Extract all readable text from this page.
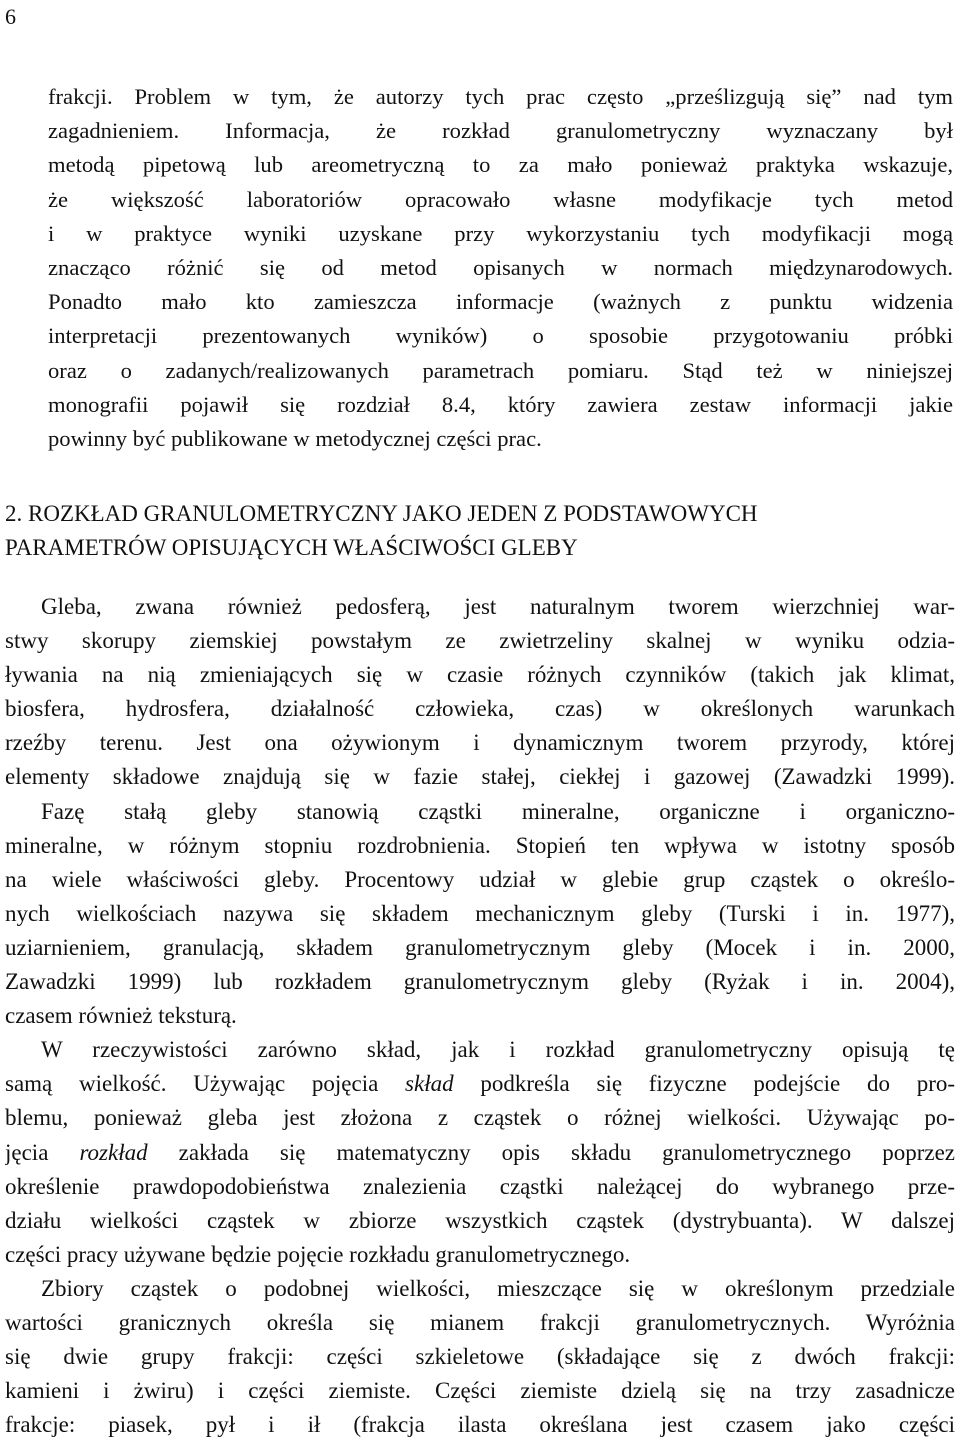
6
frakcji. Problem w tym, że autorzy tych prac często „prześlizgują się” nad tym
zagadnieniem. Informacja, że rozkład granulometryczny wyznaczany był
metodą pipetową lub areometryczną to za mało ponieważ praktyka wskazuje,
że większość laboratoriów opracowało własne modyfikacje tych metod
i w praktyce wyniki uzyskane przy wykorzystaniu tych modyfikacji mogą
znacząco różnić się od metod opisanych w normach międzynarodowych.
Ponadto mało kto zamieszcza informacje (ważnych z punktu widzenia
interpretacji prezentowanych wyników) o sposobie przygotowaniu próbki
oraz o zadanych/realizowanych parametrach pomiaru. Stąd też w niniejszej
monografii pojawił się rozdział 8.4, który zawiera zestaw informacji jakie
powinny być publikowane w metodycznej części prac.
2. ROZKŁAD GRANULOMETRYCZNY JAKO JEDEN Z PODSTAWOWYCH
PARAMETRÓW OPISUJĄCYCH WŁAŚCIWOŚCI GLEBY
Gleba, zwana również pedosferą, jest naturalnym tworem wierzchniej war-
stwy skorupy ziemskiej powstałym ze zwietrzeliny skalnej w wyniku odzia-
ływania na nią zmieniających się w czasie różnych czynników (takich jak klimat,
biosfera, hydrosfera, działalność człowieka, czas) w określonych warunkach
rzeźby terenu. Jest ona ożywionym i dynamicznym tworem przyrody, której
elementy składowe znajdują się w fazie stałej, ciekłej i gazowej (Zawadzki 1999).
Fazę stałą gleby stanowią cząstki mineralne, organiczne i organiczno-
mineralne, w różnym stopniu rozdrobnienia. Stopień ten wpływa w istotny sposób
na wiele właściwości gleby. Procentowy udział w glebie grup cząstek o określo-
nych wielkościach nazywa się składem mechanicznym gleby (Turski i in. 1977),
uziarnieniem, granulacją, składem granulometrycznym gleby (Mocek i in. 2000,
Zawadzki 1999) lub rozkładem granulometrycznym gleby (Ryżak i in. 2004),
czasem również teksturą.
W rzeczywistości zarówno skład, jak i rozkład granulometryczny opisują tę
samą wielkość. Używając pojęcia skład podkreśla się fizyczne podejście do pro-
blemu, ponieważ gleba jest złożona z cząstek o różnej wielkości. Używając po-
jęcia rozkład zakłada się matematyczny opis składu granulometrycznego poprzez
określenie prawdopodobieństwa znalezienia cząstki należącej do wybranego prze-
działu wielkości cząstek w zbiorze wszystkich cząstek (dystrybuanta). W dalszej
części pracy używane będzie pojęcie rozkładu granulometrycznego.
Zbiory cząstek o podobnej wielkości, mieszczące się w określonym przedziale
wartości granicznych określa się mianem frakcji granulometrycznych. Wyróżnia
się dwie grupy frakcji: części szkieletowe (składające się z dwóch frakcji:
kamieni i żwiru) i części ziemiste. Części ziemiste dzielą się na trzy zasadnicze
frakcje: piasek, pył i ił (frakcja ilasta określana jest czasem jako części
